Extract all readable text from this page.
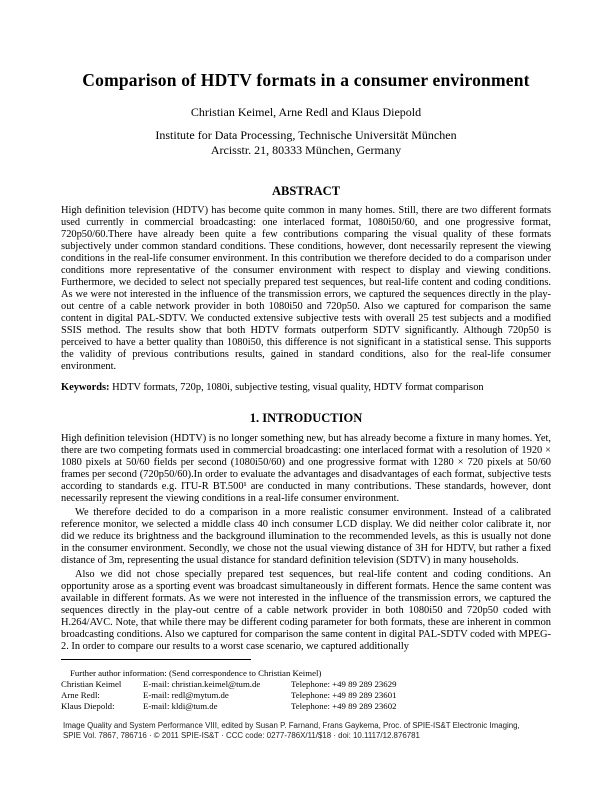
Comparison of HDTV formats in a consumer environment
Christian Keimel, Arne Redl and Klaus Diepold
Institute for Data Processing, Technische Universität München
Arcisstr. 21, 80333 München, Germany
ABSTRACT
High definition television (HDTV) has become quite common in many homes. Still, there are two different formats used currently in commercial broadcasting: one interlaced format, 1080i50/60, and one progressive format, 720p50/60.There have already been quite a few contributions comparing the visual quality of these formats subjectively under common standard conditions. These conditions, however, dont necessarily represent the viewing conditions in the real-life consumer environment. In this contribution we therefore decided to do a comparison under conditions more representative of the consumer environment with respect to display and viewing conditions. Furthermore, we decided to select not specially prepared test sequences, but real-life content and coding conditions. As we were not interested in the influence of the transmission errors, we captured the sequences directly in the play-out centre of a cable network provider in both 1080i50 and 720p50. Also we captured for comparison the same content in digital PAL-SDTV. We conducted extensive subjective tests with overall 25 test subjects and a modified SSIS method. The results show that both HDTV formats outperform SDTV significantly. Although 720p50 is perceived to have a better quality than 1080i50, this difference is not significant in a statistical sense. This supports the validity of previous contributions results, gained in standard conditions, also for the real-life consumer environment.
Keywords: HDTV formats, 720p, 1080i, subjective testing, visual quality, HDTV format comparison
1. INTRODUCTION

High definition television (HDTV) is no longer something new, but has already become a fixture in many homes. Yet, there are two competing formats used in commercial broadcasting: one interlaced format with a resolution of 1920 × 1080 pixels at 50/60 fields per second (1080i50/60) and one progressive format with 1280 × 720 pixels at 50/60 frames per second (720p50/60).In order to evaluate the advantages and disadvantages of each format, subjective tests according to standards e.g. ITU-R BT.500¹ are conducted in many contributions. These standards, however, dont necessarily represent the viewing conditions in a real-life consumer environment.

We therefore decided to do a comparison in a more realistic consumer environment. Instead of a calibrated reference monitor, we selected a middle class 40 inch consumer LCD display. We did neither color calibrate it, nor did we reduce its brightness and the background illumination to the recommended levels, as this is usually not done in the consumer environment. Secondly, we chose not the usual viewing distance of 3H for HDTV, but rather a fixed distance of 3m, representing the usual distance for standard definition television (SDTV) in many households.

Also we did not chose specially prepared test sequences, but real-life content and coding conditions. An opportunity arose as a sporting event was broadcast simultaneously in different formats. Hence the same content was available in different formats. As we were not interested in the influence of the transmission errors, we captured the sequences directly in the play-out centre of a cable network provider in both 1080i50 and 720p50 coded with H.264/AVC. Note, that while there may be different coding parameter for both formats, these are inherent in common broadcasting conditions. Also we captured for comparison the same content in digital PAL-SDTV coded with MPEG-2. In order to compare our results to a worst case scenario, we captured additionally

Further author information: (Send correspondence to Christian Keimel)
Christian Keimel	E-mail: christian.keimel@tum.de	Telephone: +49 89 289 23629
Arne Redl:	E-mail: redl@mytum.de	Telephone: +49 89 289 23601
Klaus Diepold:	E-mail: kldi@tum.de	Telephone: +49 89 289 23602
Image Quality and System Performance VIII, edited by Susan P. Farnand, Frans Gaykema, Proc. of SPIE-IS&T Electronic Imaging,
SPIE Vol. 7867, 786716 · © 2011 SPIE-IS&T · CCC code: 0277-786X/11/$18 · doi: 10.1117/12.876781
